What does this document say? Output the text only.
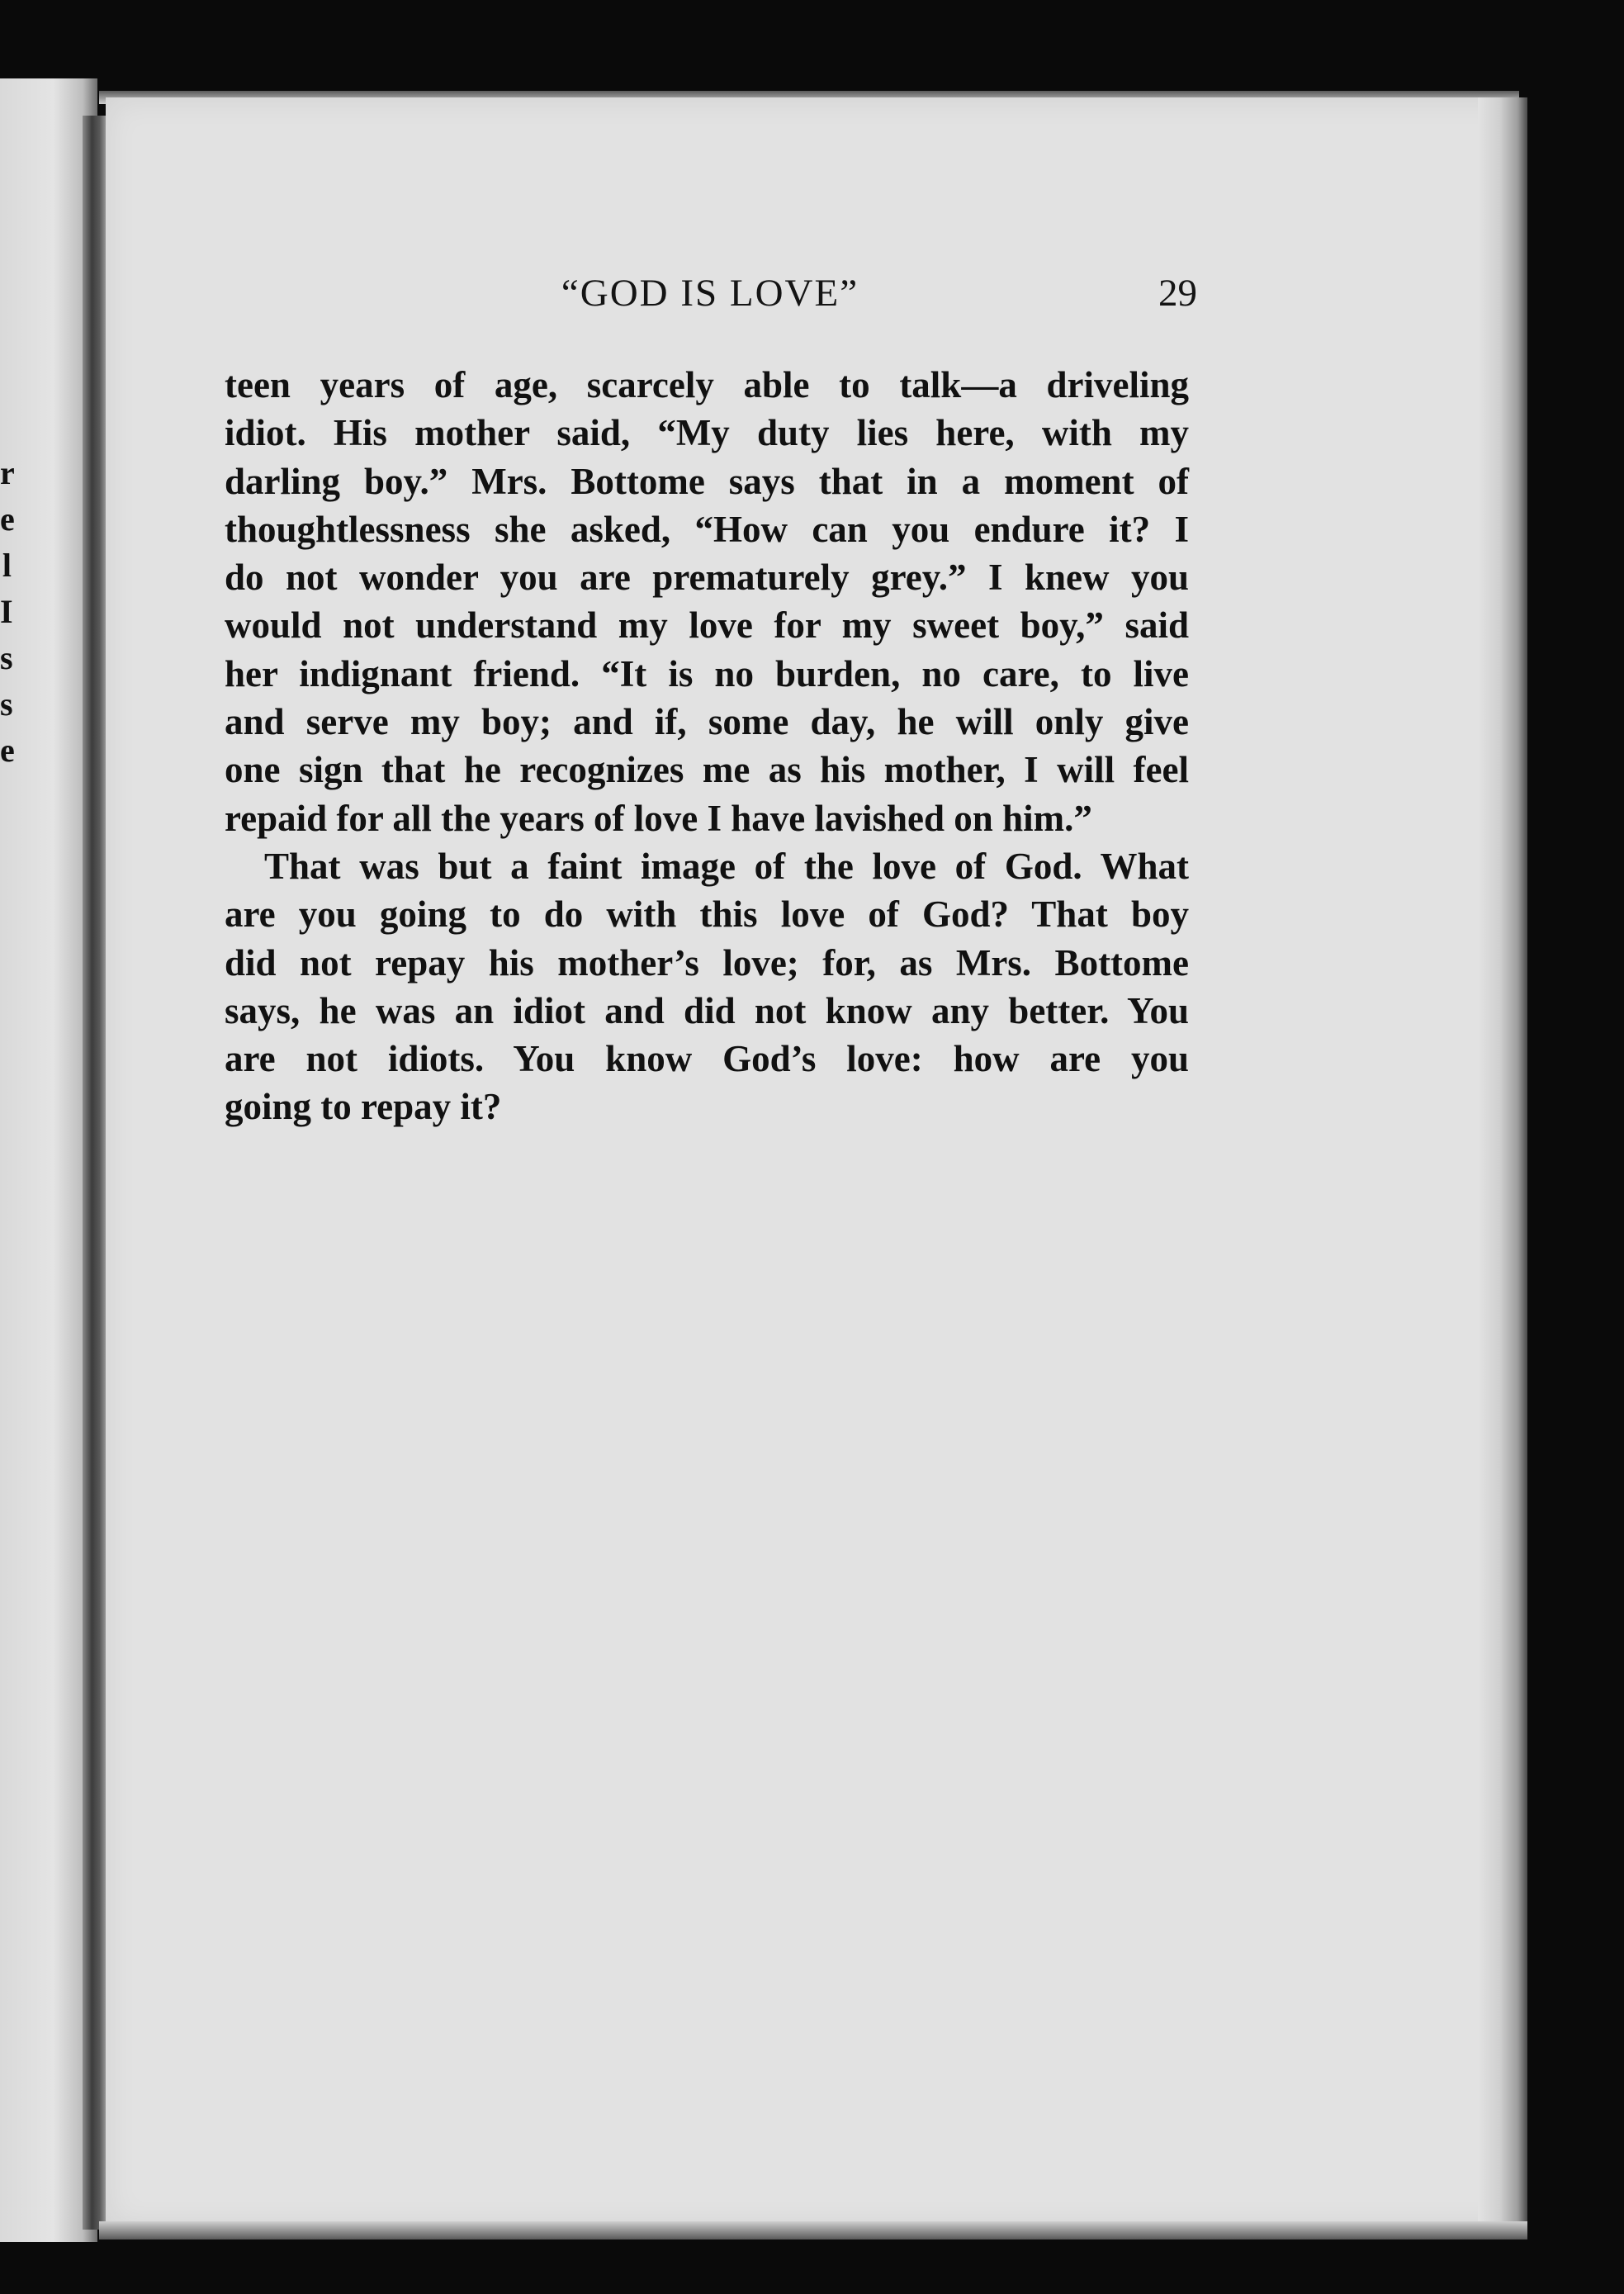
r
e
l
I
s
s
e
“GOD IS LOVE”	29
teen years of age, scarcely able to talk—a driveling
idiot. His mother said, “My duty lies here, with my
darling boy.” Mrs. Bottome says that in a moment of
thoughtlessness she asked, “How can you endure it? I
do not wonder you are prematurely grey.” I knew you
would not understand my love for my sweet boy,” said
her indignant friend. “It is no burden, no care, to live
and serve my boy; and if, some day, he will only give
one sign that he recognizes me as his mother, I will feel
repaid for all the years of love I have lavished on him.”
That was but a faint image of the love of God. What
are you going to do with this love of God? That boy
did not repay his mother’s love; for, as Mrs. Bottome
says, he was an idiot and did not know any better. You
are not idiots. You know God’s love: how are you
going to repay it?
